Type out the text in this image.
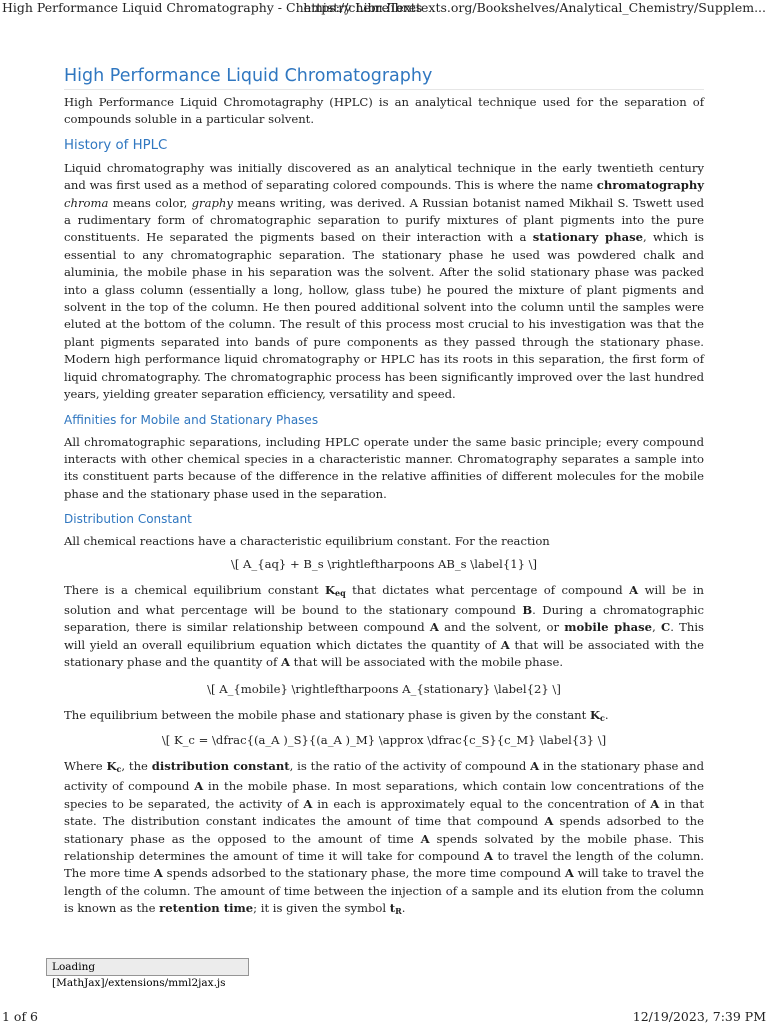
High Performance Liquid Chromatography - Chemistry LibreTexts
https://chem.libretexts.org/Bookshelves/Analytical_Chemistry/Supplem...
High Performance Liquid Chromatography

High Performance Liquid Chromotagraphy (HPLC) is an analytical technique used for the separation of compounds soluble in a particular solvent.

History of HPLC

Liquid chromatography was initially discovered as an analytical technique in the early twentieth century and was first used as a method of separating colored compounds. This is where the name chromatography chroma means color, graphy means writing, was derived. A Russian botanist named Mikhail S. Tswett used a rudimentary form of chromatographic separation to purify mixtures of plant pigments into the pure constituents. He separated the pigments based on their interaction with a stationary phase, which is essential to any chromatographic separation. The stationary phase he used was powdered chalk and aluminia, the mobile phase in his separation was the solvent. After the solid stationary phase was packed into a glass column (essentially a long, hollow, glass tube) he poured the mixture of plant pigments and solvent in the top of the column. He then poured additional solvent into the column until the samples were eluted at the bottom of the column. The result of this process most crucial to his investigation was that the plant pigments separated into bands of pure components as they passed through the stationary phase. Modern high performance liquid chromatography or HPLC has its roots in this separation, the first form of liquid chromatography. The chromatographic process has been significantly improved over the last hundred years, yielding greater separation efficiency, versatility and speed.

Affinities for Mobile and Stationary Phases

All chromatographic separations, including HPLC operate under the same basic principle; every compound interacts with other chemical species in a characteristic manner. Chromatography separates a sample into its constituent parts because of the difference in the relative affinities of different molecules for the mobile phase and the stationary phase used in the separation.

Distribution Constant

All chemical reactions have a characteristic equilibrium constant. For the reaction

\[ A_{aq} + B_s \rightleftharpoons AB_s \label{1} \]

There is a chemical equilibrium constant $K_{eq}$ that dictates what percentage of compound A will be in solution and what percentage will be bound to the stationary compound B. During a chromatographic separation, there is similar relationship between compound A and the solvent, or mobile phase, C. This will yield an overall equilibrium equation which dictates the quantity of A that will be associated with the stationary phase and the quantity of A that will be associated with the mobile phase.

\[ A_{mobile} \rightleftharpoons A_{stationary} \label{2} \]

The equilibrium between the mobile phase and stationary phase is given by the constant $K_c$.

\[ K_c = \dfrac{(a_A )_S}{(a_A )_M} \approx \dfrac{c_S}{c_M} \label{3} \]

Where $K_c$, the distribution constant, is the ratio of the activity of compound A in the stationary phase and activity of compound A in the mobile phase. In most separations, which contain low concentrations of the species to be separated, the activity of A in each is approximately equal to the concentration of A in that state. The distribution constant indicates the amount of time that compound A spends adsorbed to the stationary phase as the opposed to the amount of time A spends solvated by the mobile phase. This relationship determines the amount of time it will take for compound A to travel the length of the column. The more time A spends adsorbed to the stationary phase, the more time compound A will take to travel the length of the column. The amount of time between the injection of a sample and its elution from the column is known as the retention time; it is given the symbol $t_R$.

Loading [MathJax]/extensions/mml2jax.js
1 of 6	12/19/2023, 7:39 PM
